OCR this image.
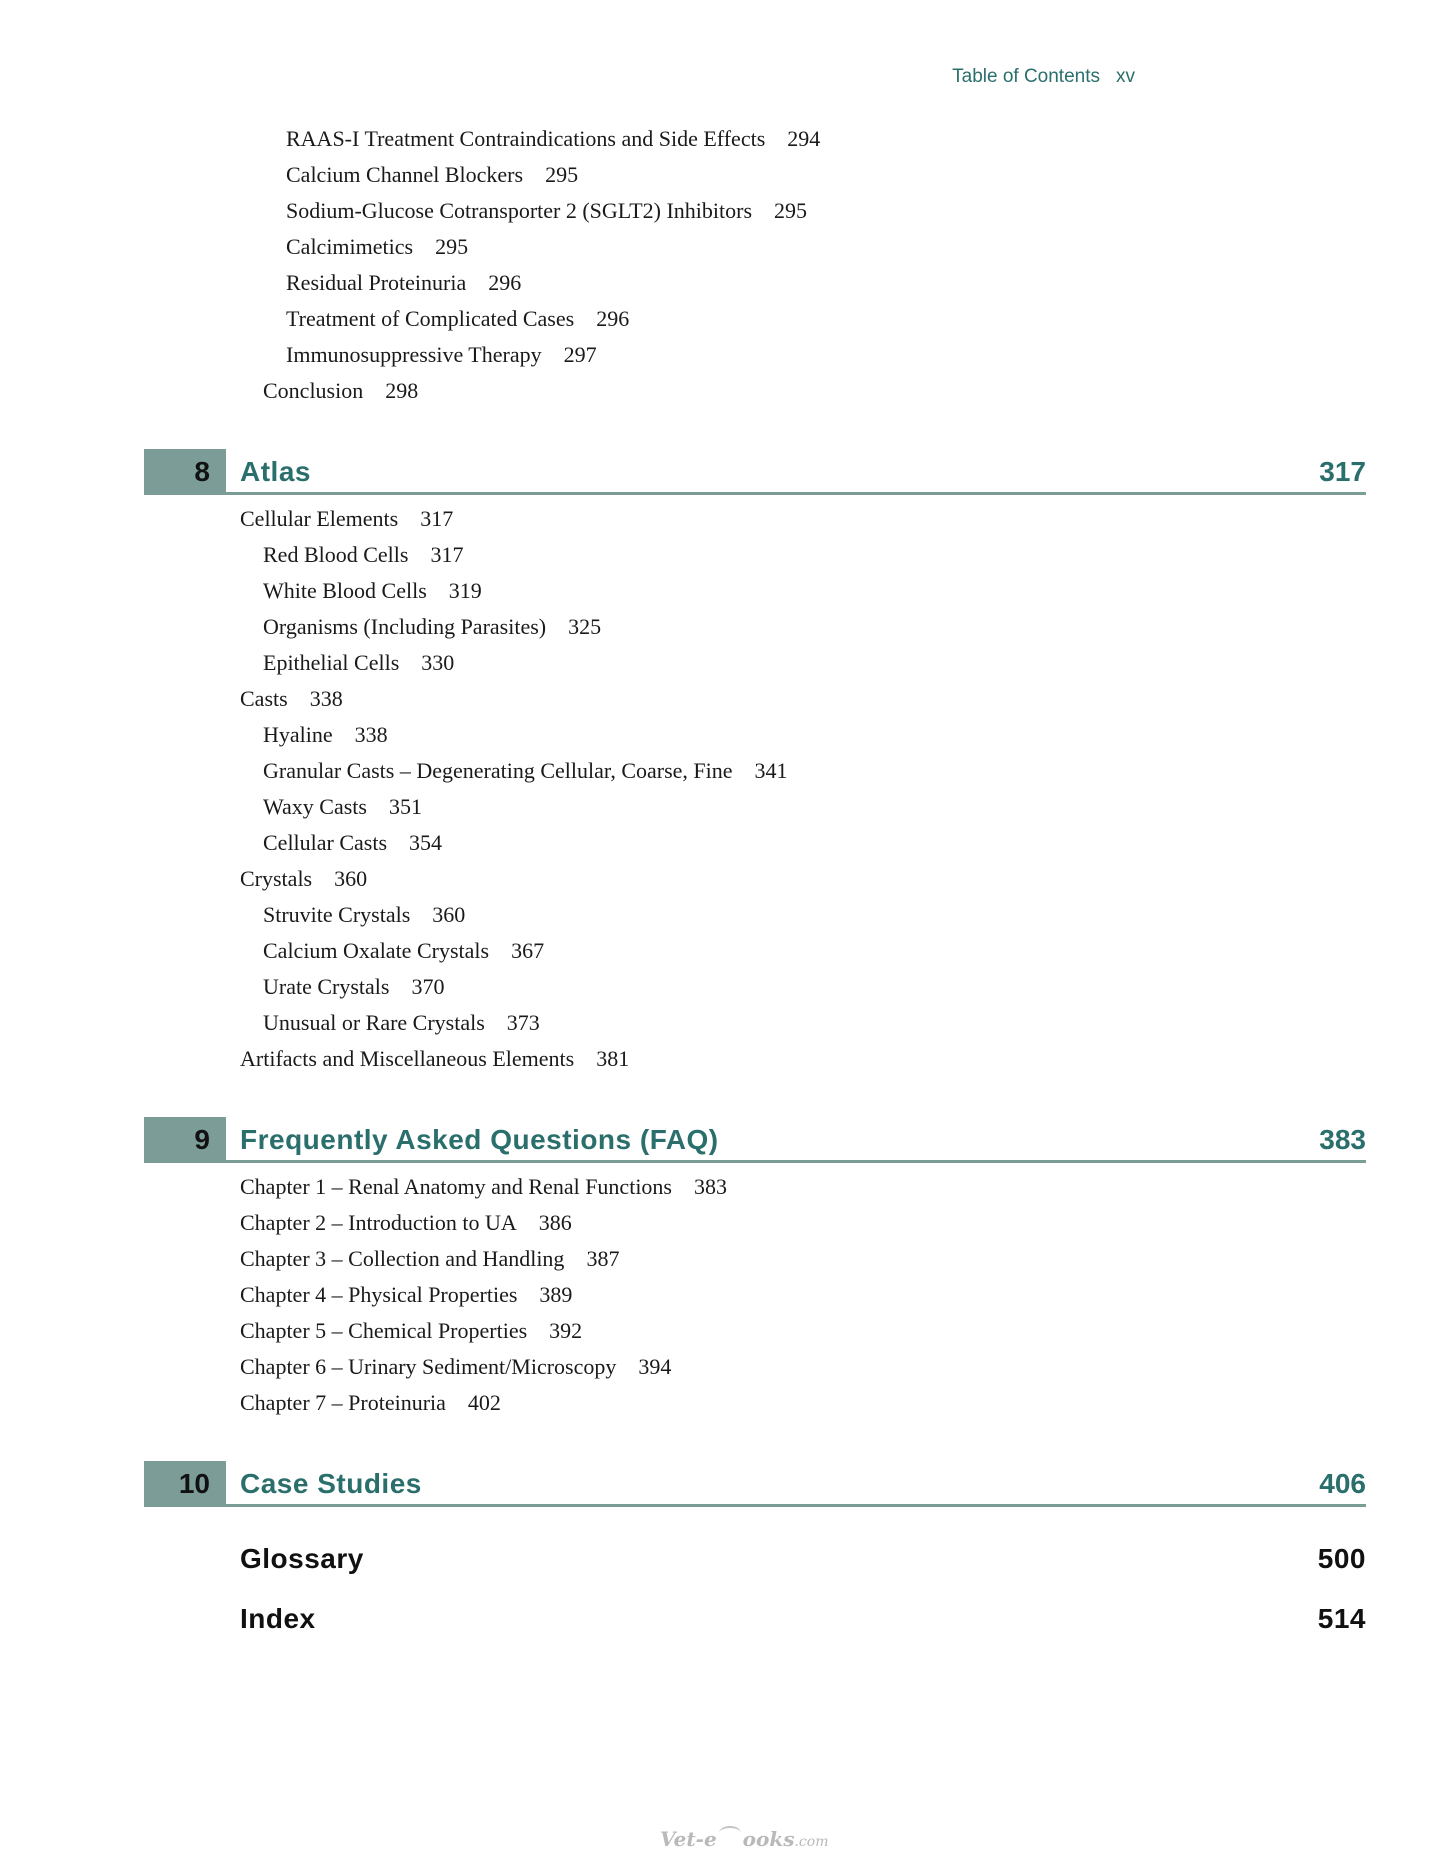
Table of Contents xv
RAAS-I Treatment Contraindications and Side Effects 294
Calcium Channel Blockers 295
Sodium-Glucose Cotransporter 2 (SGLT2) Inhibitors 295
Calcimimetics 295
Residual Proteinuria 296
Treatment of Complicated Cases 296
Immunosuppressive Therapy 297
Conclusion 298
8	Atlas	317
Cellular Elements 317
Red Blood Cells 317
White Blood Cells 319
Organisms (Including Parasites) 325
Epithelial Cells 330
Casts 338
Hyaline 338
Granular Casts – Degenerating Cellular, Coarse, Fine 341
Waxy Casts 351
Cellular Casts 354
Crystals 360
Struvite Crystals 360
Calcium Oxalate Crystals 367
Urate Crystals 370
Unusual or Rare Crystals 373
Artifacts and Miscellaneous Elements 381
9	Frequently Asked Questions (FAQ)	383
Chapter 1 – Renal Anatomy and Renal Functions 383
Chapter 2 – Introduction to UA 386
Chapter 3 – Collection and Handling 387
Chapter 4 – Physical Properties 389
Chapter 5 – Chemical Properties 392
Chapter 6 – Urinary Sediment/Microscopy 394
Chapter 7 – Proteinuria 402
10	Case Studies	406
Glossary	500
Index	514
Vet-e ooks.com
